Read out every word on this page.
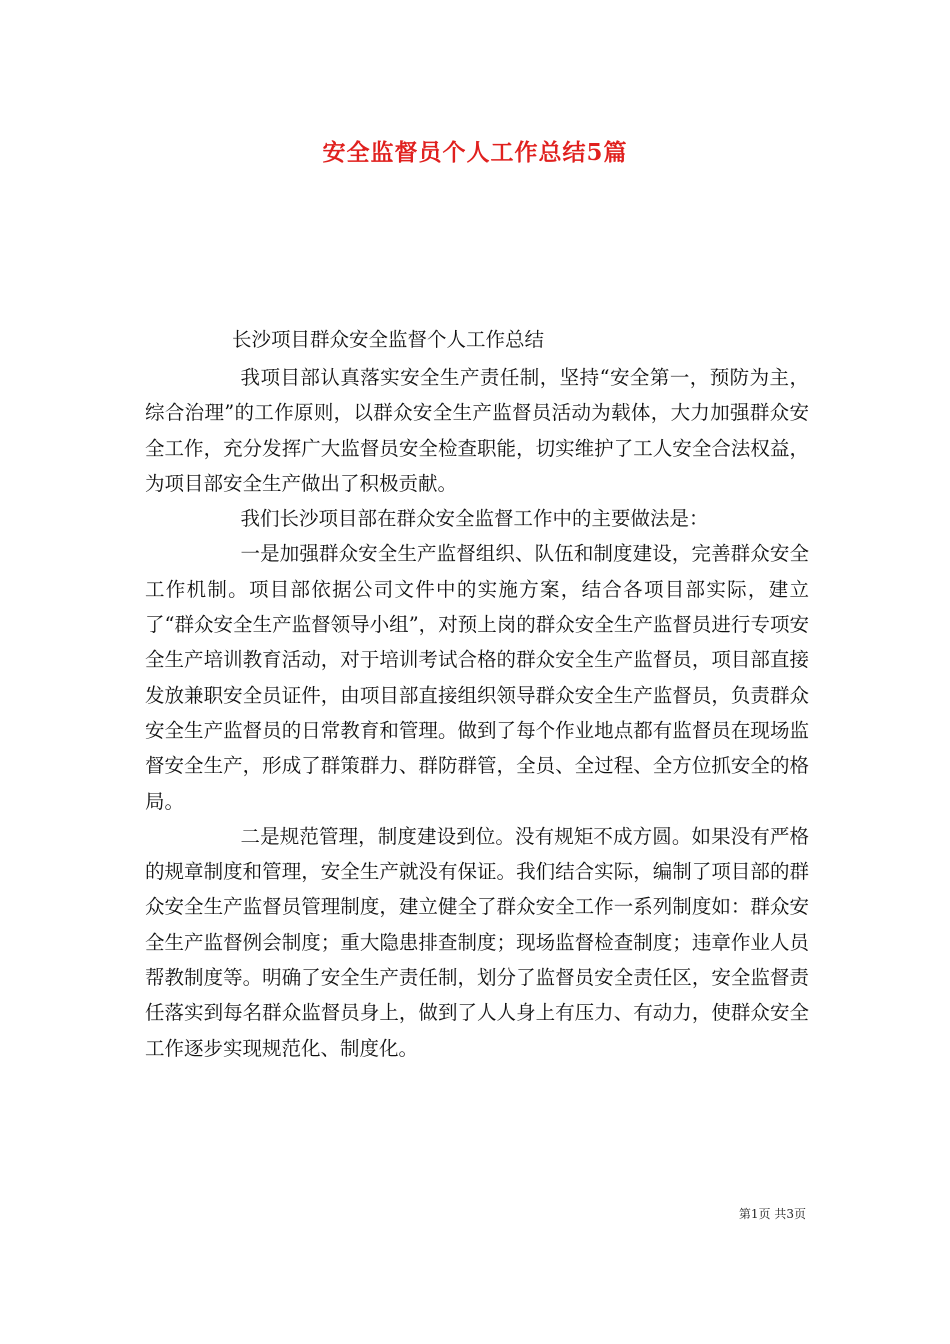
安全监督员个人工作总结5篇

长沙项目群众安全监督个人工作总结

我项目部认真落实安全生产责任制，坚持“安全第一，预防为主，综合治理”的工作原则，以群众安全生产监督员活动为载体，大力加强群众安全工作，充分发挥广大监督员安全检查职能，切实维护了工人安全合法权益，为项目部安全生产做出了积极贡献。

我们长沙项目部在群众安全监督工作中的主要做法是：

一是加强群众安全生产监督组织、队伍和制度建设，完善群众安全工作机制。项目部依据公司文件中的实施方案，结合各项目部实际，建立了“群众安全生产监督领导小组”，对预上岗的群众安全生产监督员进行专项安全生产培训教育活动，对于培训考试合格的群众安全生产监督员，项目部直接发放兼职安全员证件，由项目部直接组织领导群众安全生产监督员，负责群众安全生产监督员的日常教育和管理。做到了每个作业地点都有监督员在现场监督安全生产，形成了群策群力、群防群管，全员、全过程、全方位抓安全的格局。

二是规范管理，制度建设到位。没有规矩不成方圆。如果没有严格的规章制度和管理，安全生产就没有保证。我们结合实际，编制了项目部的群众安全生产监督员管理制度，建立健全了群众安全工作一系列制度如：群众安全生产监督例会制度；重大隐患排查制度；现场监督检查制度；违章作业人员帮教制度等。明确了安全生产责任制，划分了监督员安全责任区，安全监督责任落实到每名群众监督员身上，做到了人人身上有压力、有动力，使群众安全工作逐步实现规范化、制度化。

第1页 共3页
